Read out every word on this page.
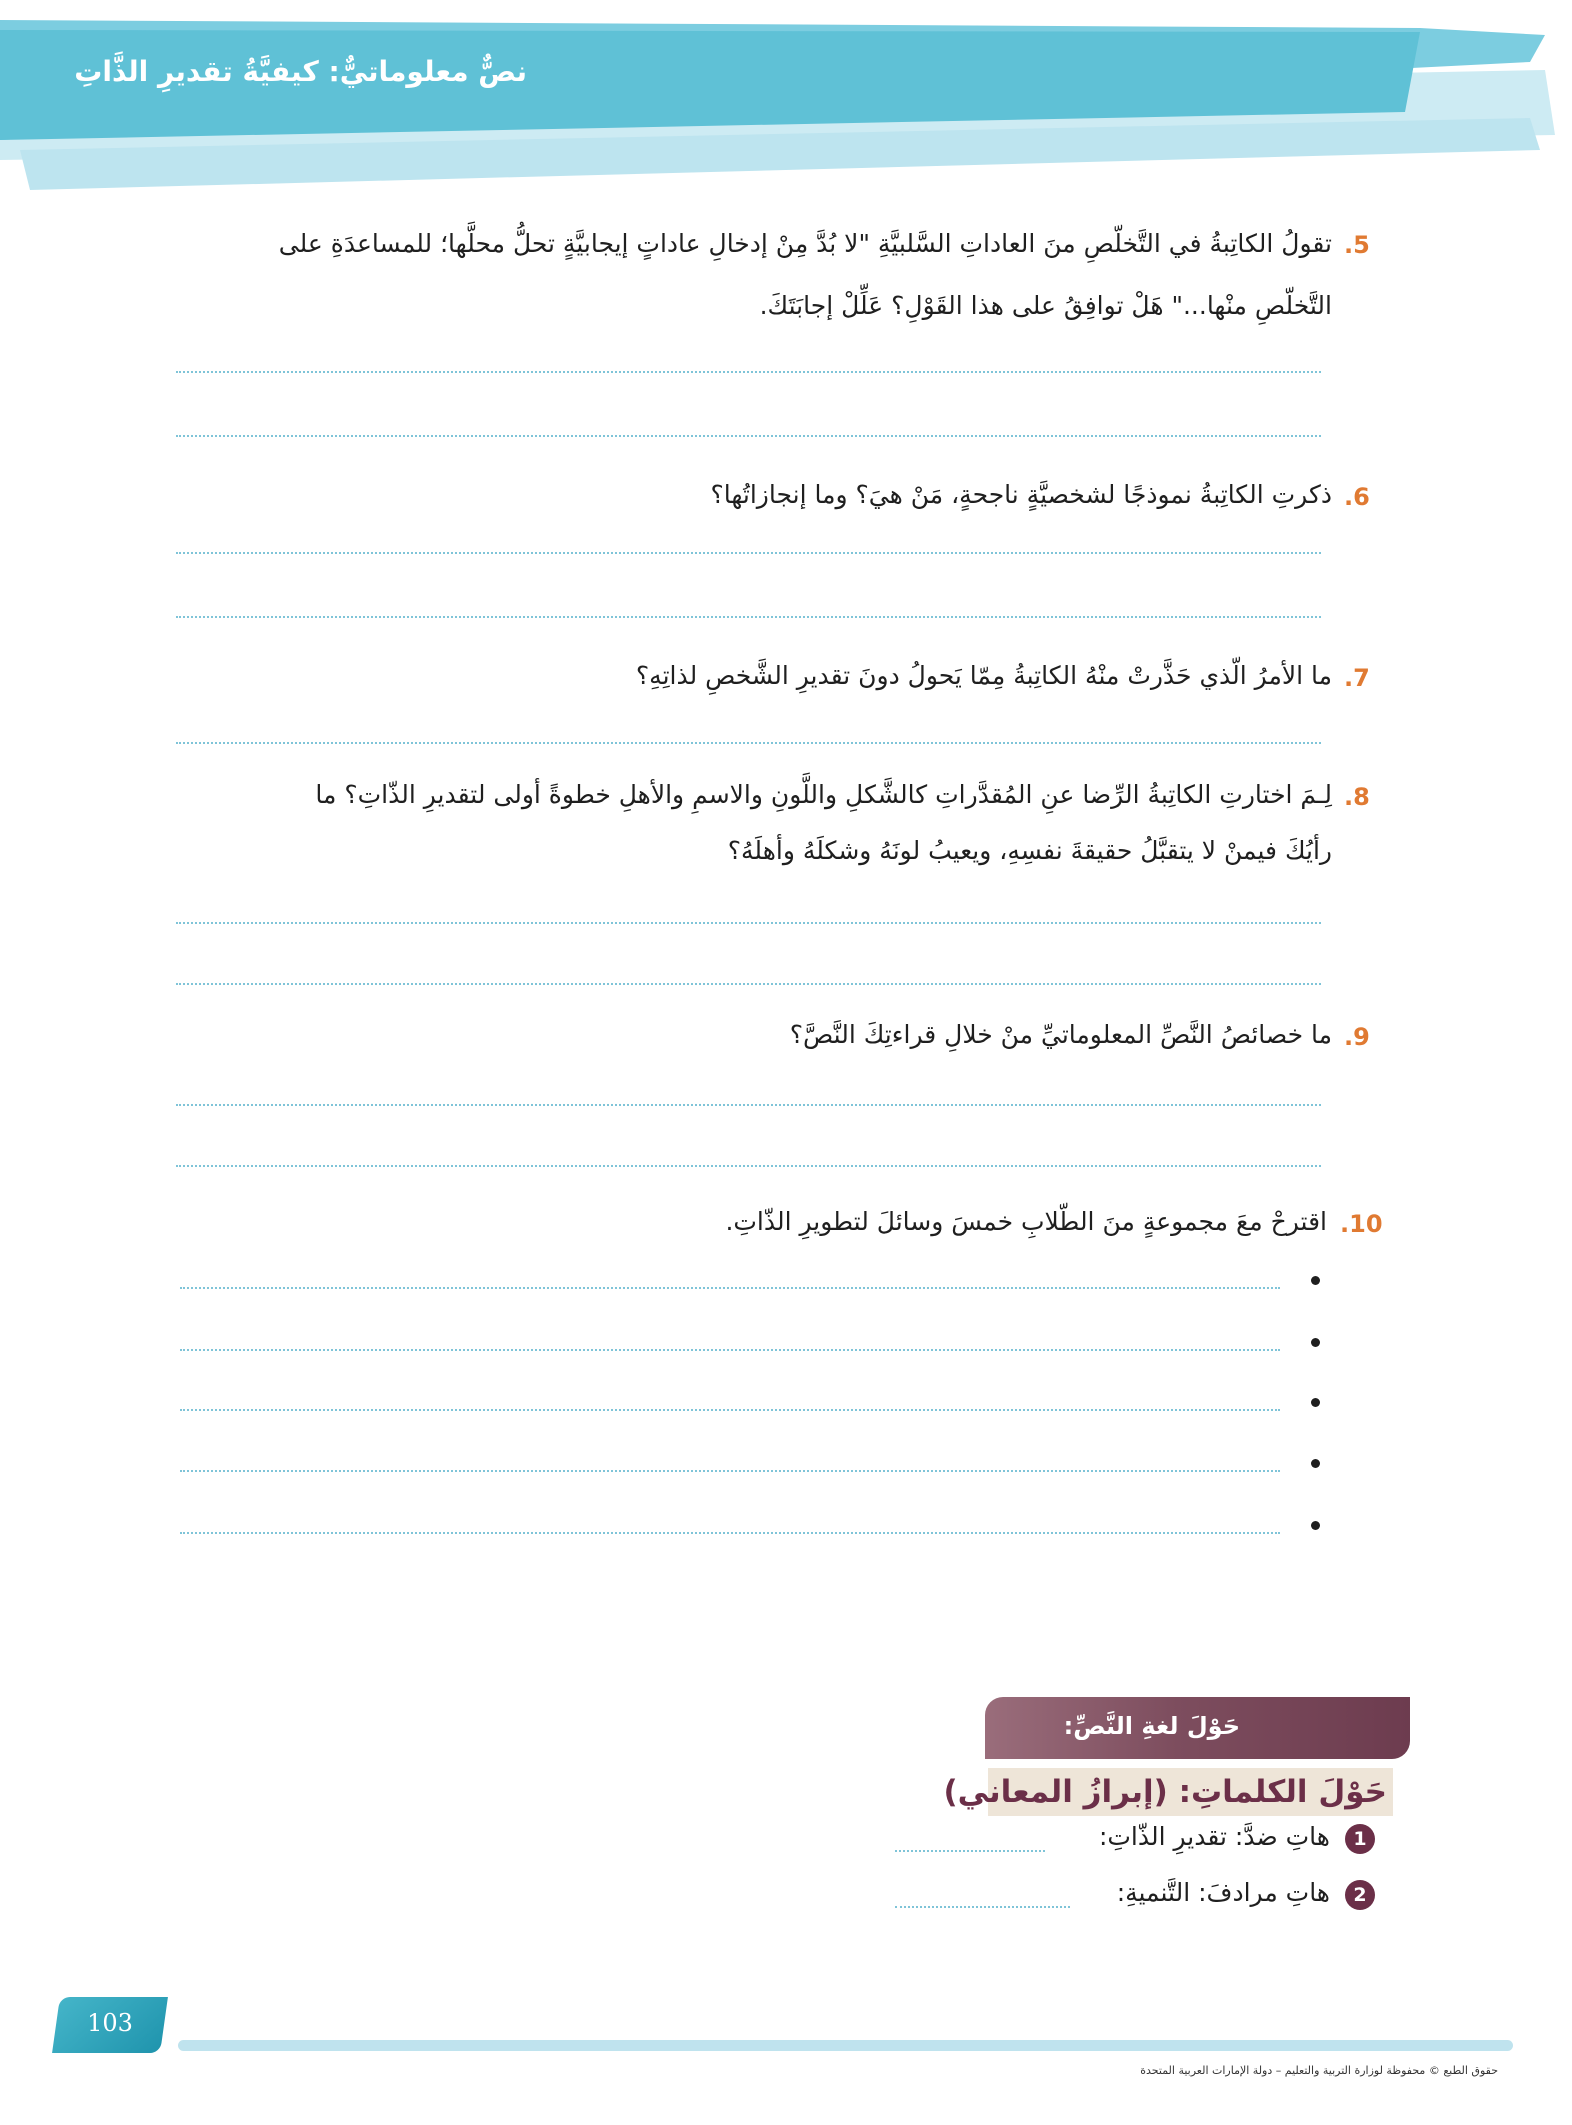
نصٌّ معلوماتيٌّ: كيفيَّةُ تقديرِ الذَّاتِ
.5
تقولُ الكاتِبةُ في التَّخلّصِ منَ العاداتِ السَّلبيَّةِ "لا بُدَّ مِنْ إدخالِ عاداتٍ إيجابيَّةٍ تحلُّ محلَّها؛ للمساعدَةِ على
التَّخلّصِ منْها..." هَلْ توافِقُ على هذا القَوْلِ؟ عَلِّلْ إجابَتَكَ.
.6
ذكرتِ الكاتِبةُ نموذجًا لشخصيَّةٍ ناجحةٍ، مَنْ هيَ؟ وما إنجازاتُها؟
.7
ما الأمرُ الّذي حَذَّرتْ منْهُ الكاتِبةُ مِمّا يَحولُ دونَ تقديرِ الشَّخصِ لذاتِهِ؟
.8
لِـمَ اختارتِ الكاتِبةُ الرِّضا عنِ المُقدَّراتِ كالشَّكلِ واللَّونِ والاسمِ والأهلِ خطوةً أولى لتقديرِ الذّاتِ؟ ما
رأيُكَ فيمنْ لا يتقبَّلُ حقيقةَ نفسِهِ، ويعيبُ لونَهُ وشكلَهُ وأهلَهُ؟
.9
ما خصائصُ النَّصِّ المعلوماتيِّ منْ خلالِ قراءتِكَ النَّصَّ؟
.10
اقترحْ معَ مجموعةٍ منَ الطّلابِ خمسَ وسائلَ لتطويرِ الذّاتِ.
حَوْلَ لغةِ النَّصِّ:
حَوْلَ الكلماتِ: (إبرازُ المعاني)
1
هاتِ ضدَّ: تقديرِ الذّاتِ:
2
هاتِ مرادفَ: التَّنميةِ:
103
حقوق الطبع © محفوظة لوزارة التربية والتعليم – دولة الإمارات العربية المتحدة
